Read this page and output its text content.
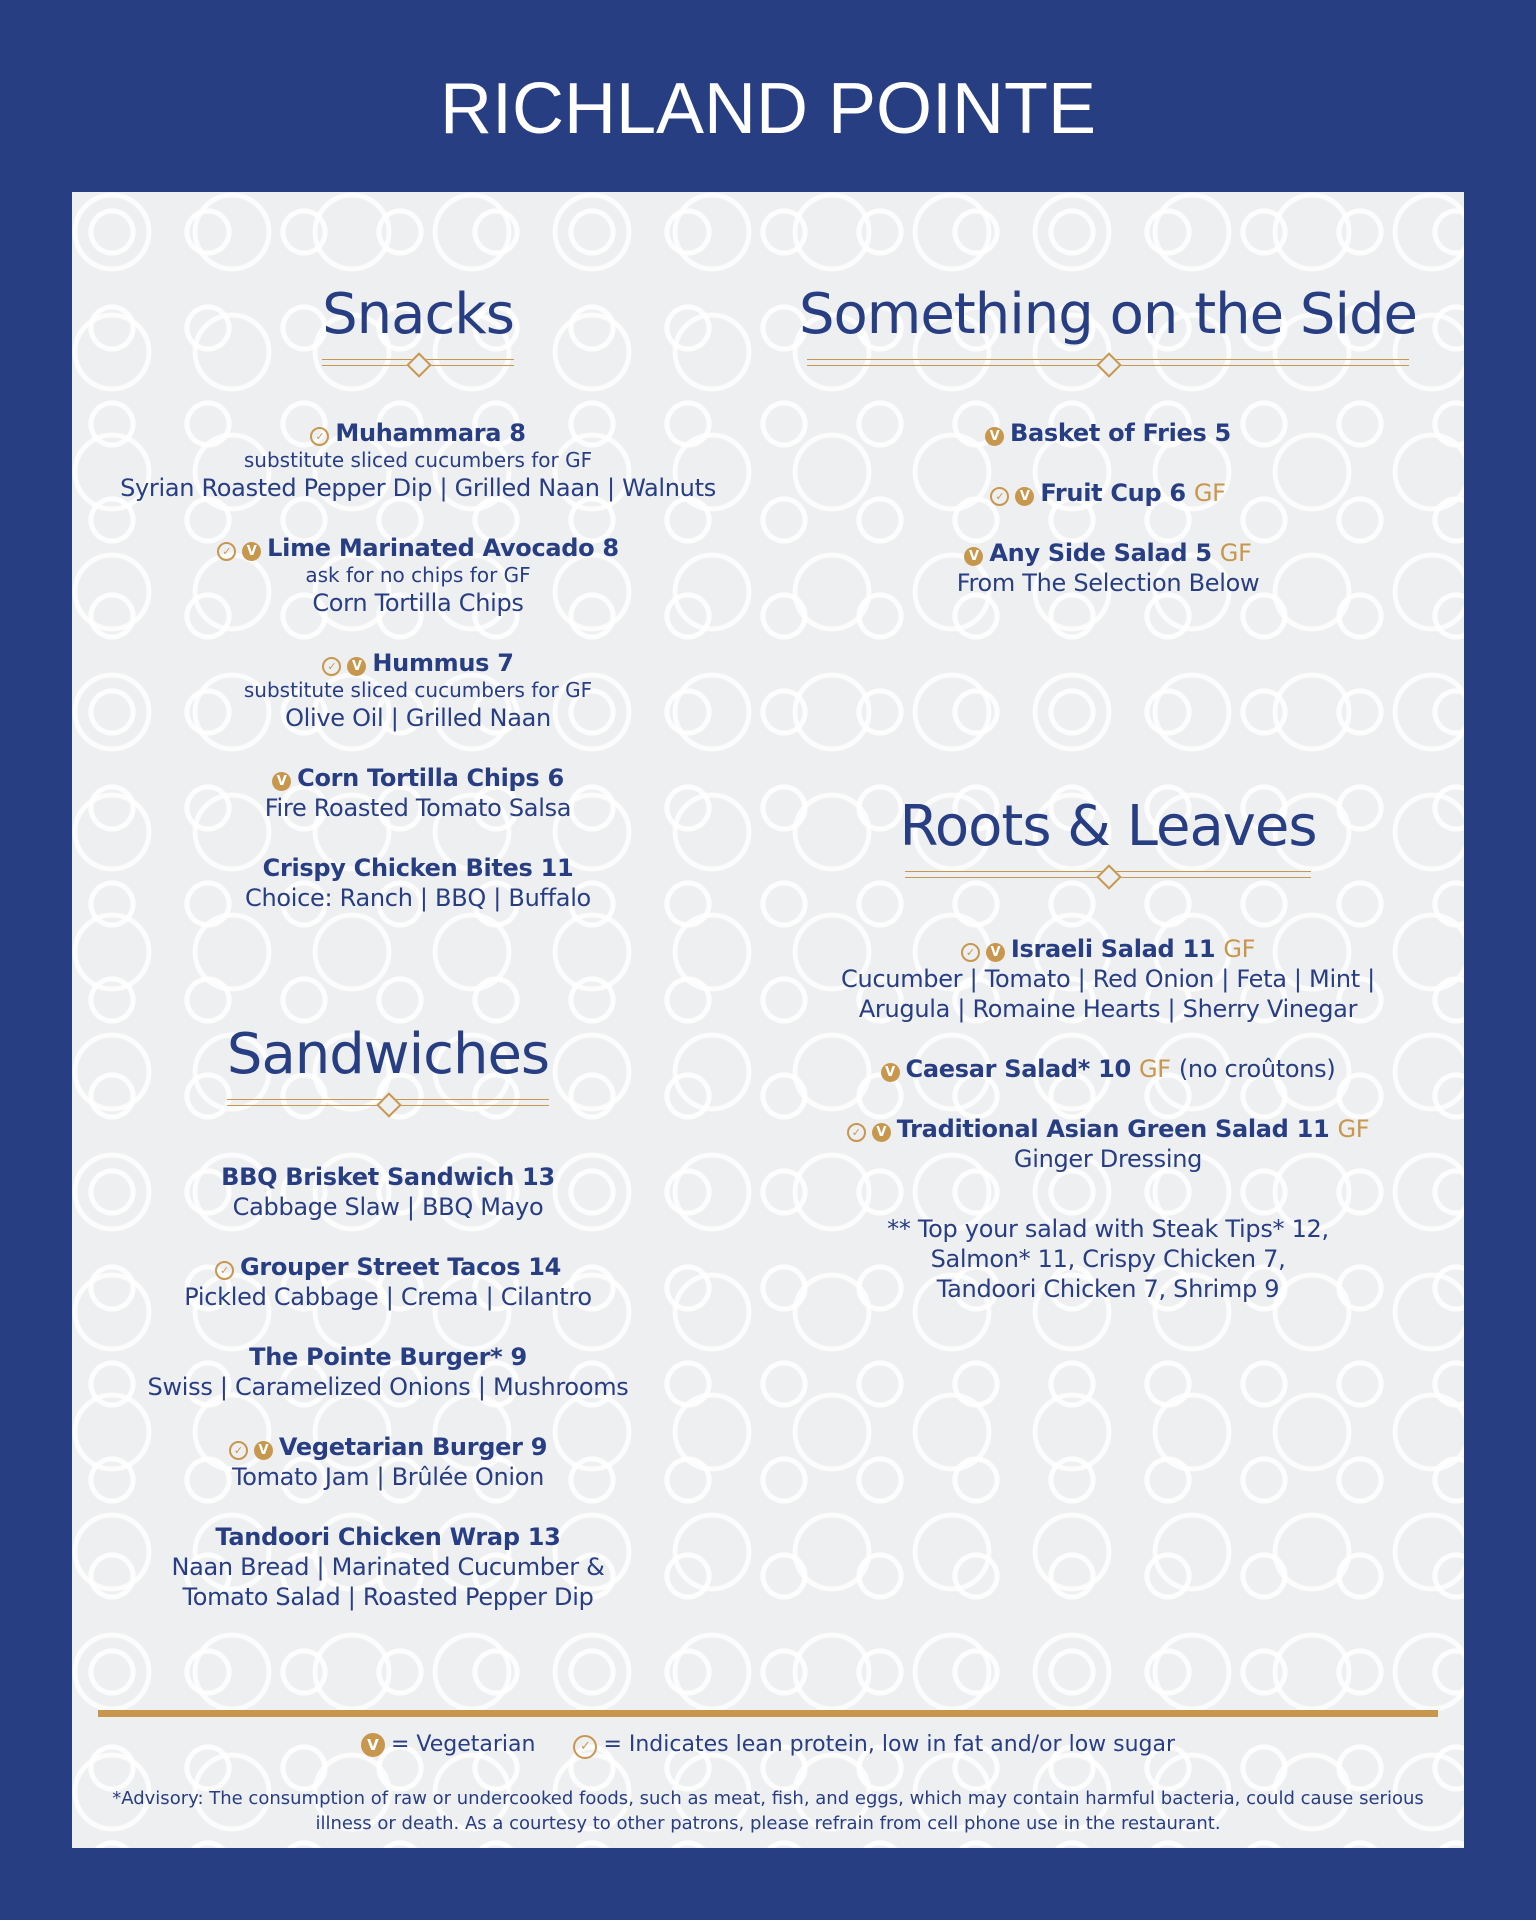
RICHLAND POINTE
Snacks
✓ Muhammara 8
substitute sliced cucumbers for GF
Syrian Roasted Pepper Dip | Grilled Naan | Walnuts
✓ V Lime Marinated Avocado 8
ask for no chips for GF
Corn Tortilla Chips
✓ V Hummus 7
substitute sliced cucumbers for GF
Olive Oil | Grilled Naan
V Corn Tortilla Chips 6
Fire Roasted Tomato Salsa
Crispy Chicken Bites 11
Choice: Ranch | BBQ | Buffalo
Sandwiches
BBQ Brisket Sandwich 13
Cabbage Slaw | BBQ Mayo
✓ Grouper Street Tacos 14
Pickled Cabbage | Crema | Cilantro
The Pointe Burger* 9
Swiss | Caramelized Onions | Mushrooms
✓ V Vegetarian Burger 9
Tomato Jam | Brûlée Onion
Tandoori Chicken Wrap 13
Naan Bread | Marinated Cucumber &
Tomato Salad | Roasted Pepper Dip
Something on the Side
V Basket of Fries 5
✓ V Fruit Cup 6 GF
V Any Side Salad 5 GF
From The Selection Below
Roots & Leaves
✓ V Israeli Salad 11 GF
Cucumber | Tomato | Red Onion | Feta | Mint |
Arugula | Romaine Hearts | Sherry Vinegar
V Caesar Salad* 10 GF (no croûtons)
✓ V Traditional Asian Green Salad 11 GF
Ginger Dressing
** Top your salad with Steak Tips* 12,
Salmon* 11, Crispy Chicken 7,
Tandoori Chicken 7, Shrimp 9
V = Vegetarian	✓ = Indicates lean protein, low in fat and/or low sugar
*Advisory: The consumption of raw or undercooked foods, such as meat, fish, and eggs, which may contain harmful bacteria, could cause serious
illness or death. As a courtesy to other patrons, please refrain from cell phone use in the restaurant.
